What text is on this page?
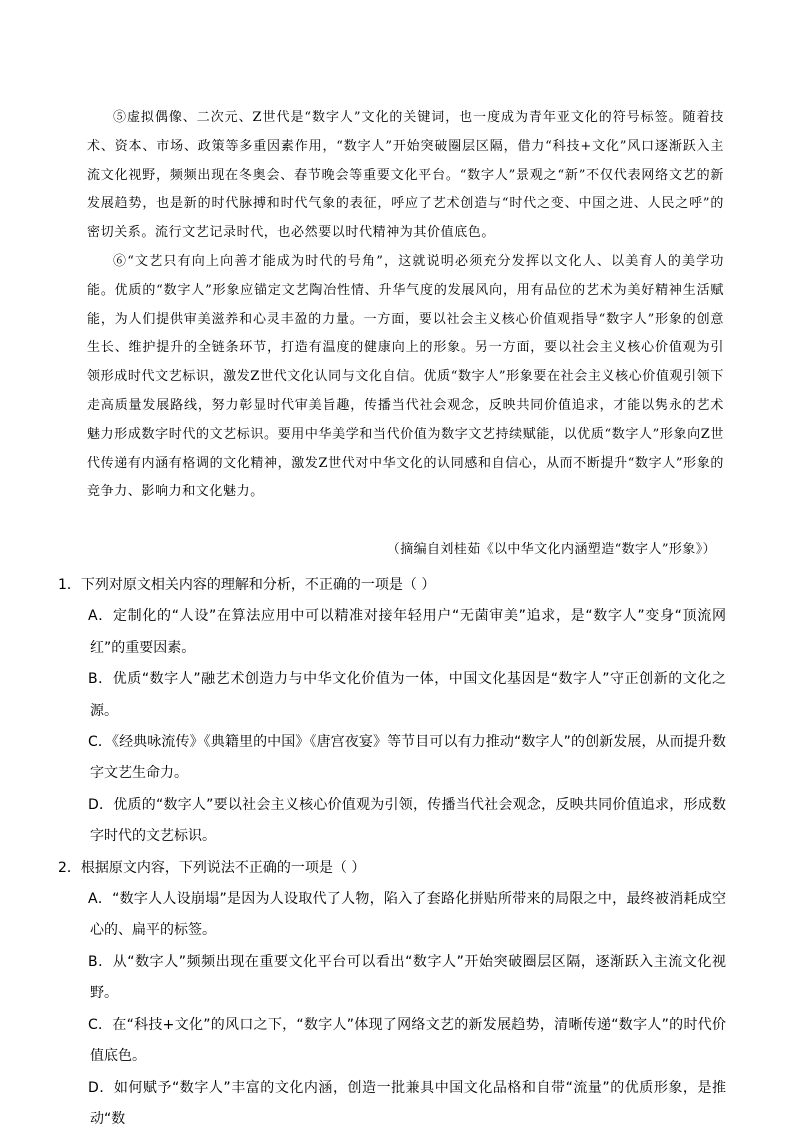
⑤虚拟偶像、二次元、Z世代是“数字人”文化的关键词，也一度成为青年亚文化的符号标签。随着技术、资本、市场、政策等多重因素作用，“数字人”开始突破圈层区隔，借力“科技+文化”风口逐渐跃入主流文化视野，频频出现在冬奥会、春节晚会等重要文化平台。“数字人”景观之“新”不仅代表网络文艺的新发展趋势，也是新的时代脉搏和时代气象的表征，呼应了艺术创造与“时代之变、中国之进、人民之呼”的密切关系。流行文艺记录时代，也必然要以时代精神为其价值底色。

⑥“文艺只有向上向善才能成为时代的号角”，这就说明必须充分发挥以文化人、以美育人的美学功能。优质的“数字人”形象应锚定文艺陶冶性情、升华气度的发展风向，用有品位的艺术为美好精神生活赋能，为人们提供审美滋养和心灵丰盈的力量。一方面，要以社会主义核心价值观指导“数字人”形象的创意生长、维护提升的全链条环节，打造有温度的健康向上的形象。另一方面，要以社会主义核心价值观为引领形成时代文艺标识，激发Z世代文化认同与文化自信。优质“数字人”形象要在社会主义核心价值观引领下走高质量发展路线，努力彰显时代审美旨趣，传播当代社会观念，反映共同价值追求，才能以隽永的艺术魅力形成数字时代的文艺标识。要用中华美学和当代价值为数字文艺持续赋能，以优质“数字人”形象向Z世代传递有内涵有格调的文化精神，激发Z世代对中华文化的认同感和自信心，从而不断提升“数字人”形象的竞争力、影响力和文化魅力。

（摘编自刘桂茹《以中华文化内涵塑造“数字人”形象》）

1．下列对原文相关内容的理解和分析，不正确的一项是（ ）

A．定制化的“人设”在算法应用中可以精准对接年轻用户“无菌审美”追求，是“数字人”变身“顶流网红”的重要因素。

B．优质“数字人”融艺术创造力与中华文化价值为一体，中国文化基因是“数字人”守正创新的文化之源。

C．《经典咏流传》《典籍里的中国》《唐宫夜宴》等节目可以有力推动“数字人”的创新发展，从而提升数字文艺生命力。

D．优质的“数字人”要以社会主义核心价值观为引领，传播当代社会观念，反映共同价值追求，形成数字时代的文艺标识。

2．根据原文内容，下列说法不正确的一项是（ ）

A．“数字人人设崩塌”是因为人设取代了人物，陷入了套路化拼贴所带来的局限之中，最终被消耗成空心的、扁平的标签。

B．从“数字人”频频出现在重要文化平台可以看出“数字人”开始突破圈层区隔，逐渐跃入主流文化视野。

C．在“科技+文化”的风口之下，“数字人”体现了网络文艺的新发展趋势，清晰传递“数字人”的时代价值底色。

D．如何赋予“数字人”丰富的文化内涵，创造一批兼具中国文化品格和自带“流量”的优质形象，是推动“数
